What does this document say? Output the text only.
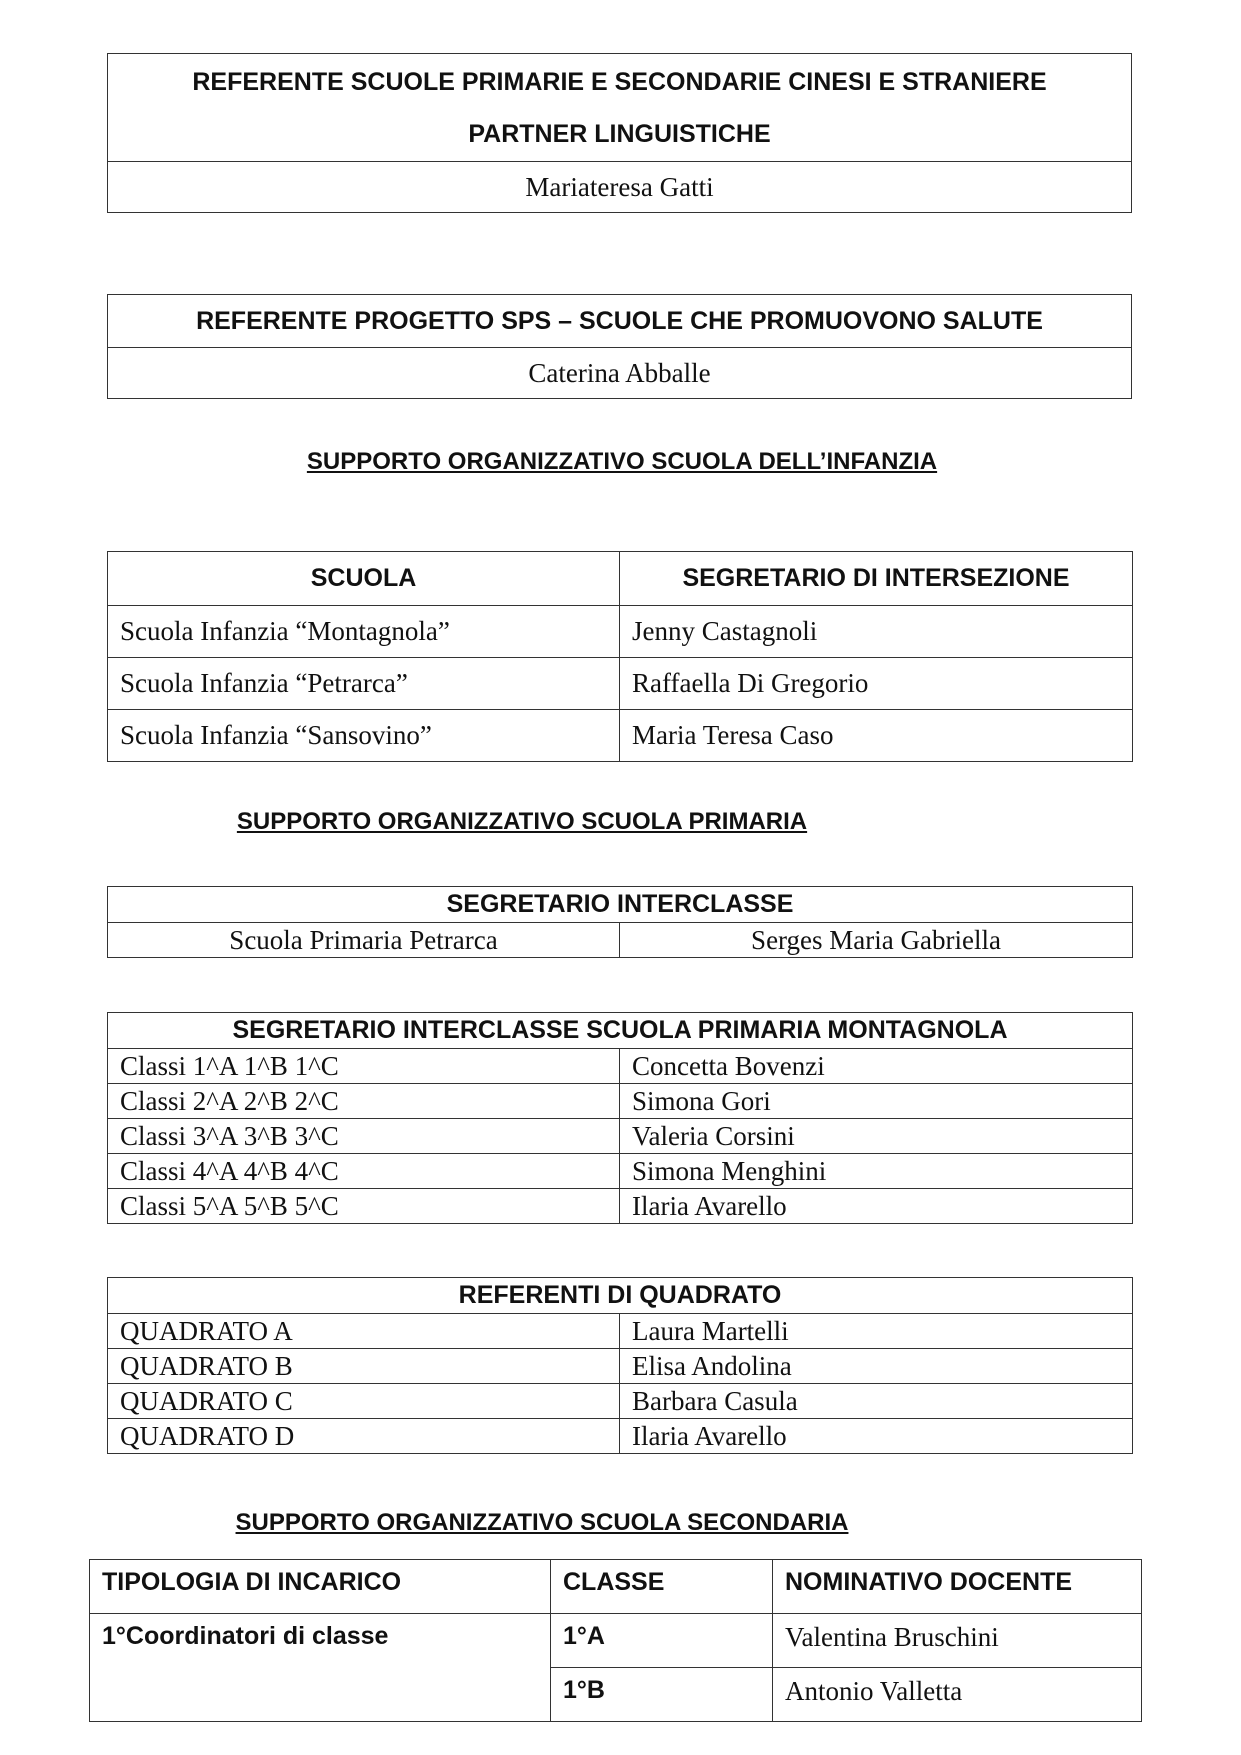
REFERENTE SCUOLE PRIMARIE E SECONDARIE CINESI E STRANIERE
PARTNER LINGUISTICHE
Mariateresa Gatti
REFERENTE PROGETTO SPS – SCUOLE CHE PROMUOVONO SALUTE
Caterina Abballe
SUPPORTO ORGANIZZATIVO SCUOLA DELL’INFANZIA
SCUOLA	SEGRETARIO DI INTERSEZIONE
Scuola Infanzia “Montagnola”	Jenny Castagnoli
Scuola Infanzia “Petrarca”	Raffaella Di Gregorio
Scuola Infanzia “Sansovino”	Maria Teresa Caso
SUPPORTO ORGANIZZATIVO SCUOLA PRIMARIA
SEGRETARIO INTERCLASSE
Scuola Primaria Petrarca	Serges Maria Gabriella
SEGRETARIO INTERCLASSE SCUOLA PRIMARIA MONTAGNOLA	
Classi 1^A 1^B 1^C	Concetta Bovenzi
Classi 2^A 2^B 2^C	Simona Gori
Classi 3^A 3^B 3^C	Valeria Corsini
Classi 4^A 4^B 4^C	Simona Menghini
Classi 5^A 5^B 5^C	Ilaria Avarello
REFERENTI DI QUADRATO	
QUADRATO A	Laura Martelli
QUADRATO B	Elisa Andolina
QUADRATO C	Barbara Casula
QUADRATO D	Ilaria Avarello
SUPPORTO ORGANIZZATIVO SCUOLA SECONDARIA
TIPOLOGIA DI INCARICO	CLASSE	NOMINATIVO DOCENTE
1°Coordinatori di classe	1°A	Valentina Bruschini
	1°B	Antonio Valletta
